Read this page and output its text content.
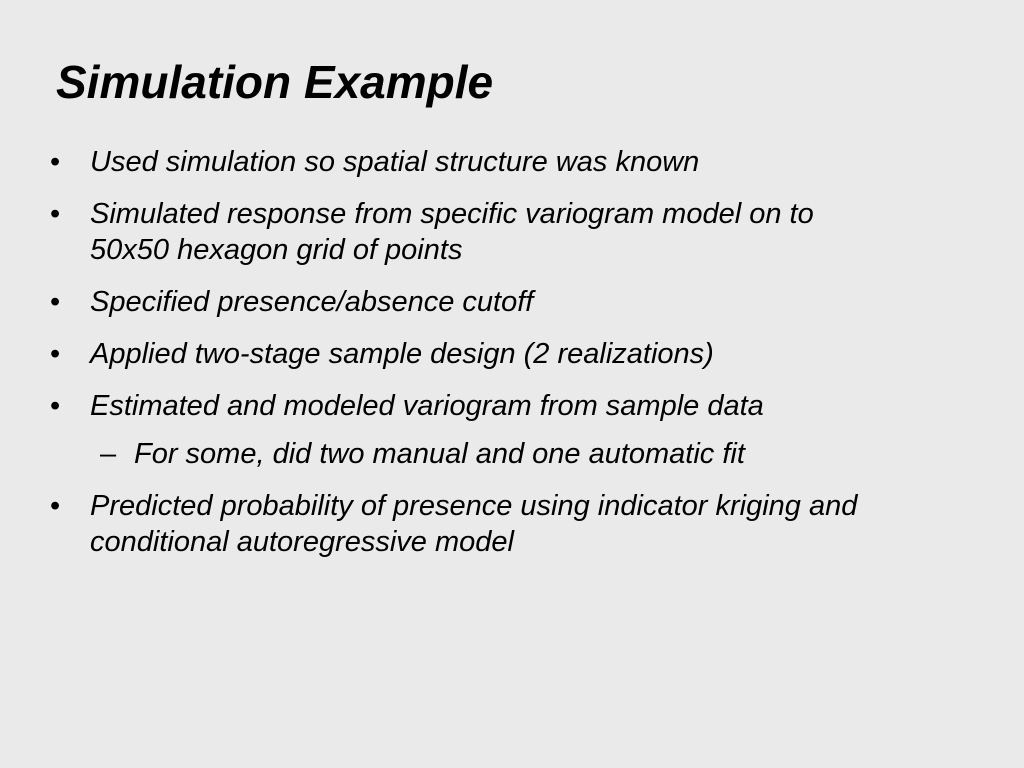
Simulation Example
• Used simulation so spatial structure was known
• Simulated response from specific variogram model on to 50x50 hexagon grid of points
• Specified presence/absence cutoff
• Applied two-stage sample design (2 realizations)
• Estimated and modeled variogram from sample data
– For some, did two manual and one automatic fit
• Predicted probability of presence using indicator kriging and conditional autoregressive model
